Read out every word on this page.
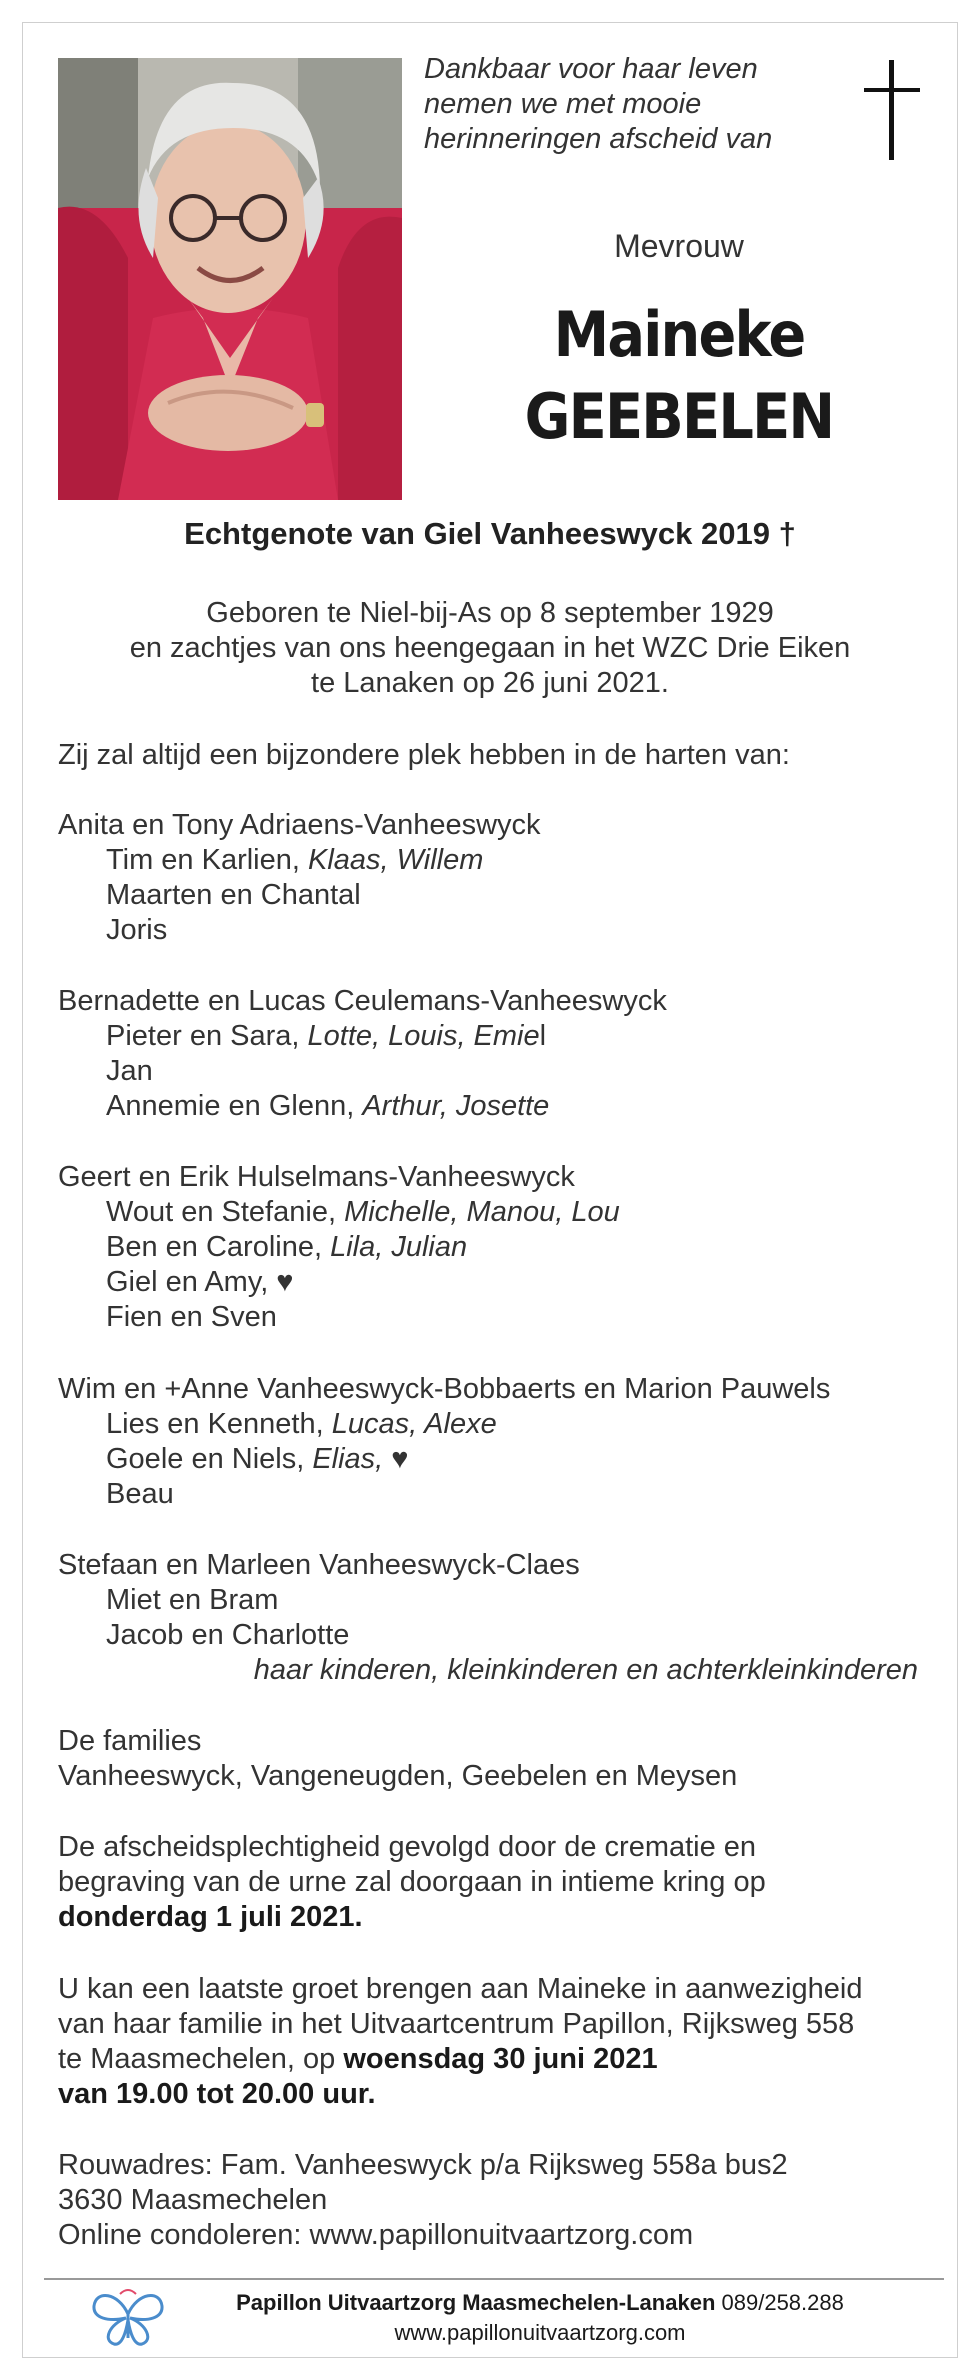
Dankbaar voor haar leven
nemen we met mooie
herinneringen afscheid van
Mevrouw
Maineke
GEEBELEN
Echtgenote van Giel Vanheeswyck 2019 †
Geboren te Niel-bij-As op 8 september 1929
en zachtjes van ons heengegaan in het WZC Drie Eiken
te Lanaken op 26 juni 2021.
Zij zal altijd een bijzondere plek hebben in de harten van:
Anita en Tony Adriaens-Vanheeswyck
Tim en Karlien, Klaas, Willem
Maarten en Chantal
Joris
Bernadette en Lucas Ceulemans-Vanheeswyck
Pieter en Sara, Lotte, Louis, Emiel
Jan
Annemie en Glenn, Arthur, Josette
Geert en Erik Hulselmans-Vanheeswyck
Wout en Stefanie, Michelle, Manou, Lou
Ben en Caroline, Lila, Julian
Giel en Amy, ♥
Fien en Sven
Wim en +Anne Vanheeswyck-Bobbaerts en Marion Pauwels
Lies en Kenneth, Lucas, Alexe
Goele en Niels, Elias, ♥
Beau
Stefaan en Marleen Vanheeswyck-Claes
Miet en Bram
Jacob en Charlotte
haar kinderen, kleinkinderen en achterkleinkinderen
De families
Vanheeswyck, Vangeneugden, Geebelen en Meysen
De afscheidsplechtigheid gevolgd door de crematie en
begraving van de urne zal doorgaan in intieme kring op
donderdag 1 juli 2021.
U kan een laatste groet brengen aan Maineke in aanwezigheid
van haar familie in het Uitvaartcentrum Papillon, Rijksweg 558
te Maasmechelen, op woensdag 30 juni 2021
van 19.00 tot 20.00 uur.
Rouwadres: Fam. Vanheeswyck p/a Rijksweg 558a bus2
3630 Maasmechelen
Online condoleren: www.papillonuitvaartzorg.com
Papillon Uitvaartzorg Maasmechelen-Lanaken 089/258.288
www.papillonuitvaartzorg.com
